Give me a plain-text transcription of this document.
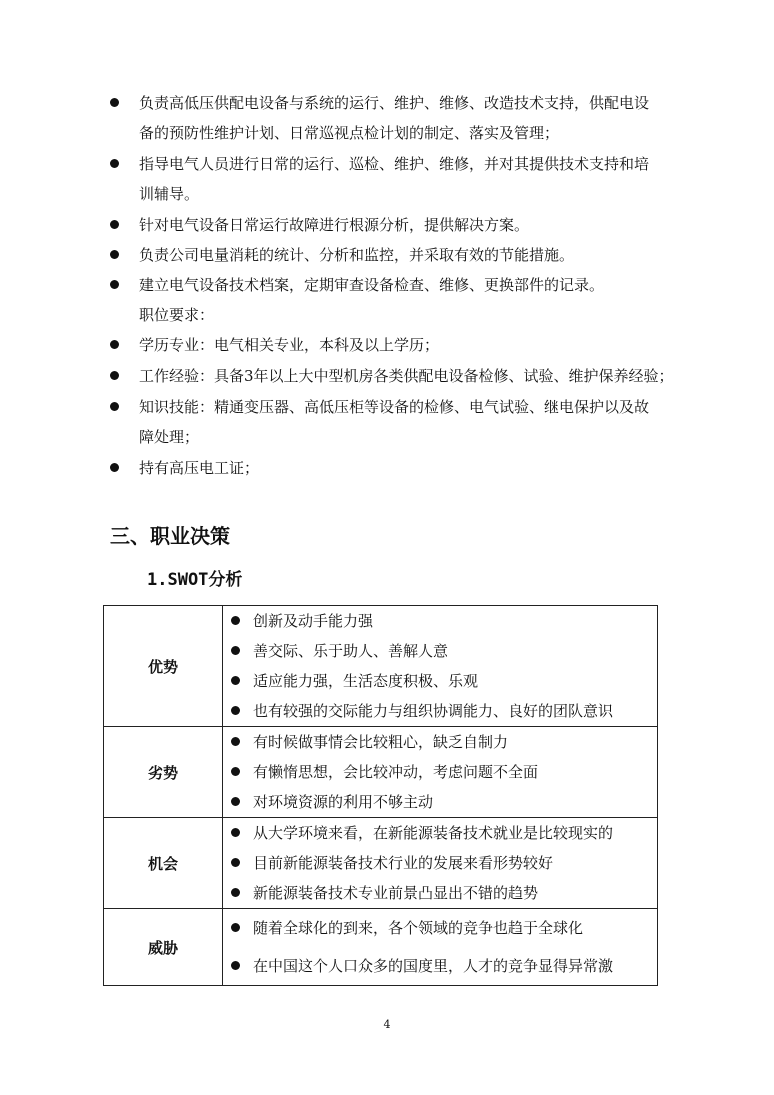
负责高低压供配电设备与系统的运行、维护、维修、改造技术支持，供配电设
备的预防性维护计划、日常巡视点检计划的制定、落实及管理；
指导电气人员进行日常的运行、巡检、维护、维修，并对其提供技术支持和培
训辅导。
针对电气设备日常运行故障进行根源分析，提供解决方案。
负责公司电量消耗的统计、分析和监控，并采取有效的节能措施。
建立电气设备技术档案，定期审查设备检查、维修、更换部件的记录。
职位要求：
学历专业：电气相关专业，本科及以上学历；
工作经验：具备3年以上大中型机房各类供配电设备检修、试验、维护保养经验；
知识技能：精通变压器、高低压柜等设备的检修、电气试验、继电保护以及故
障处理；
持有高压电工证；
三、职业决策
1.SWOT分析
优势	创新及动手能力强
善交际、乐于助人、善解人意
适应能力强，生活态度积极、乐观
也有较强的交际能力与组织协调能力、良好的团队意识

劣势	有时候做事情会比较粗心，缺乏自制力
有懒惰思想，会比较冲动，考虑问题不全面
对环境资源的利用不够主动

机会	从大学环境来看，在新能源装备技术就业是比较现实的
目前新能源装备技术行业的发展来看形势较好
新能源装备技术专业前景凸显出不错的趋势

威胁	随着全球化的到来，各个领域的竞争也趋于全球化
在中国这个人口众多的国度里，人才的竞争显得异常激
4
